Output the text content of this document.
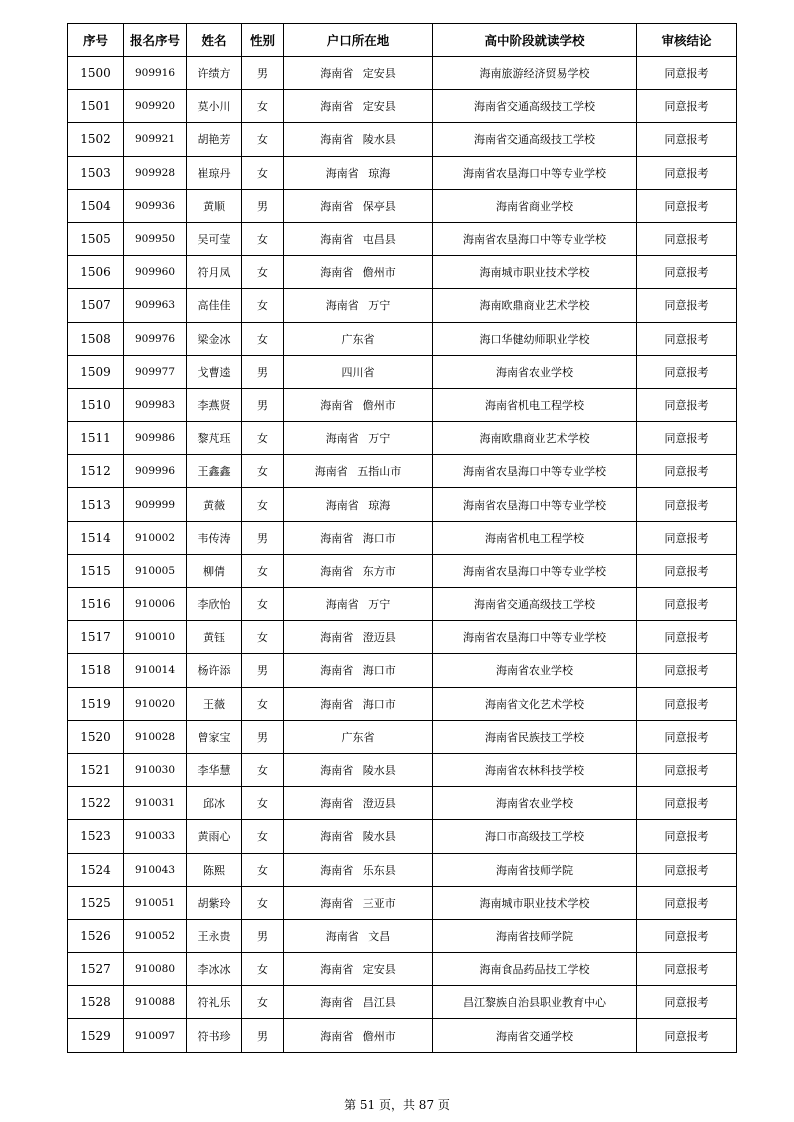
序号	报名序号	姓名	性别	户口所在地	高中阶段就读学校	审核结论
1500	909916	许绩方	男	海南省 定安县	海南旅游经济贸易学校	同意报考
1501	909920	莫小川	女	海南省 定安县	海南省交通高级技工学校	同意报考
1502	909921	胡艳芳	女	海南省 陵水县	海南省交通高级技工学校	同意报考
1503	909928	崔琼丹	女	海南省 琼海	海南省农垦海口中等专业学校	同意报考
1504	909936	黄顺	男	海南省 保亭县	海南省商业学校	同意报考
1505	909950	吴可莹	女	海南省 屯昌县	海南省农垦海口中等专业学校	同意报考
1506	909960	符月凤	女	海南省 儋州市	海南城市职业技术学校	同意报考
1507	909963	高佳佳	女	海南省 万宁	海南欧鼎商业艺术学校	同意报考
1508	909976	梁金冰	女	广东省	海口华健幼师职业学校	同意报考
1509	909977	戈曹逵	男	四川省	海南省农业学校	同意报考
1510	909983	李燕贤	男	海南省 儋州市	海南省机电工程学校	同意报考
1511	909986	黎芃珏	女	海南省 万宁	海南欧鼎商业艺术学校	同意报考
1512	909996	王鑫鑫	女	海南省 五指山市	海南省农垦海口中等专业学校	同意报考
1513	909999	黄薇	女	海南省 琼海	海南省农垦海口中等专业学校	同意报考
1514	910002	韦传涛	男	海南省 海口市	海南省机电工程学校	同意报考
1515	910005	柳倩	女	海南省 东方市	海南省农垦海口中等专业学校	同意报考
1516	910006	李欣怡	女	海南省 万宁	海南省交通高级技工学校	同意报考
1517	910010	黄钰	女	海南省 澄迈县	海南省农垦海口中等专业学校	同意报考
1518	910014	杨许添	男	海南省 海口市	海南省农业学校	同意报考
1519	910020	王薇	女	海南省 海口市	海南省文化艺术学校	同意报考
1520	910028	曾家宝	男	广东省	海南省民族技工学校	同意报考
1521	910030	李华慧	女	海南省 陵水县	海南省农林科技学校	同意报考
1522	910031	邱冰	女	海南省 澄迈县	海南省农业学校	同意报考
1523	910033	黄雨心	女	海南省 陵水县	海口市高级技工学校	同意报考
1524	910043	陈熙	女	海南省 乐东县	海南省技师学院	同意报考
1525	910051	胡紫玲	女	海南省 三亚市	海南城市职业技术学校	同意报考
1526	910052	王永贵	男	海南省 文昌	海南省技师学院	同意报考
1527	910080	李冰冰	女	海南省 定安县	海南食品药品技工学校	同意报考
1528	910088	符礼乐	女	海南省 昌江县	昌江黎族自治县职业教育中心	同意报考
1529	910097	符书珍	男	海南省 儋州市	海南省交通学校	同意报考
第 51 页，共 87 页
